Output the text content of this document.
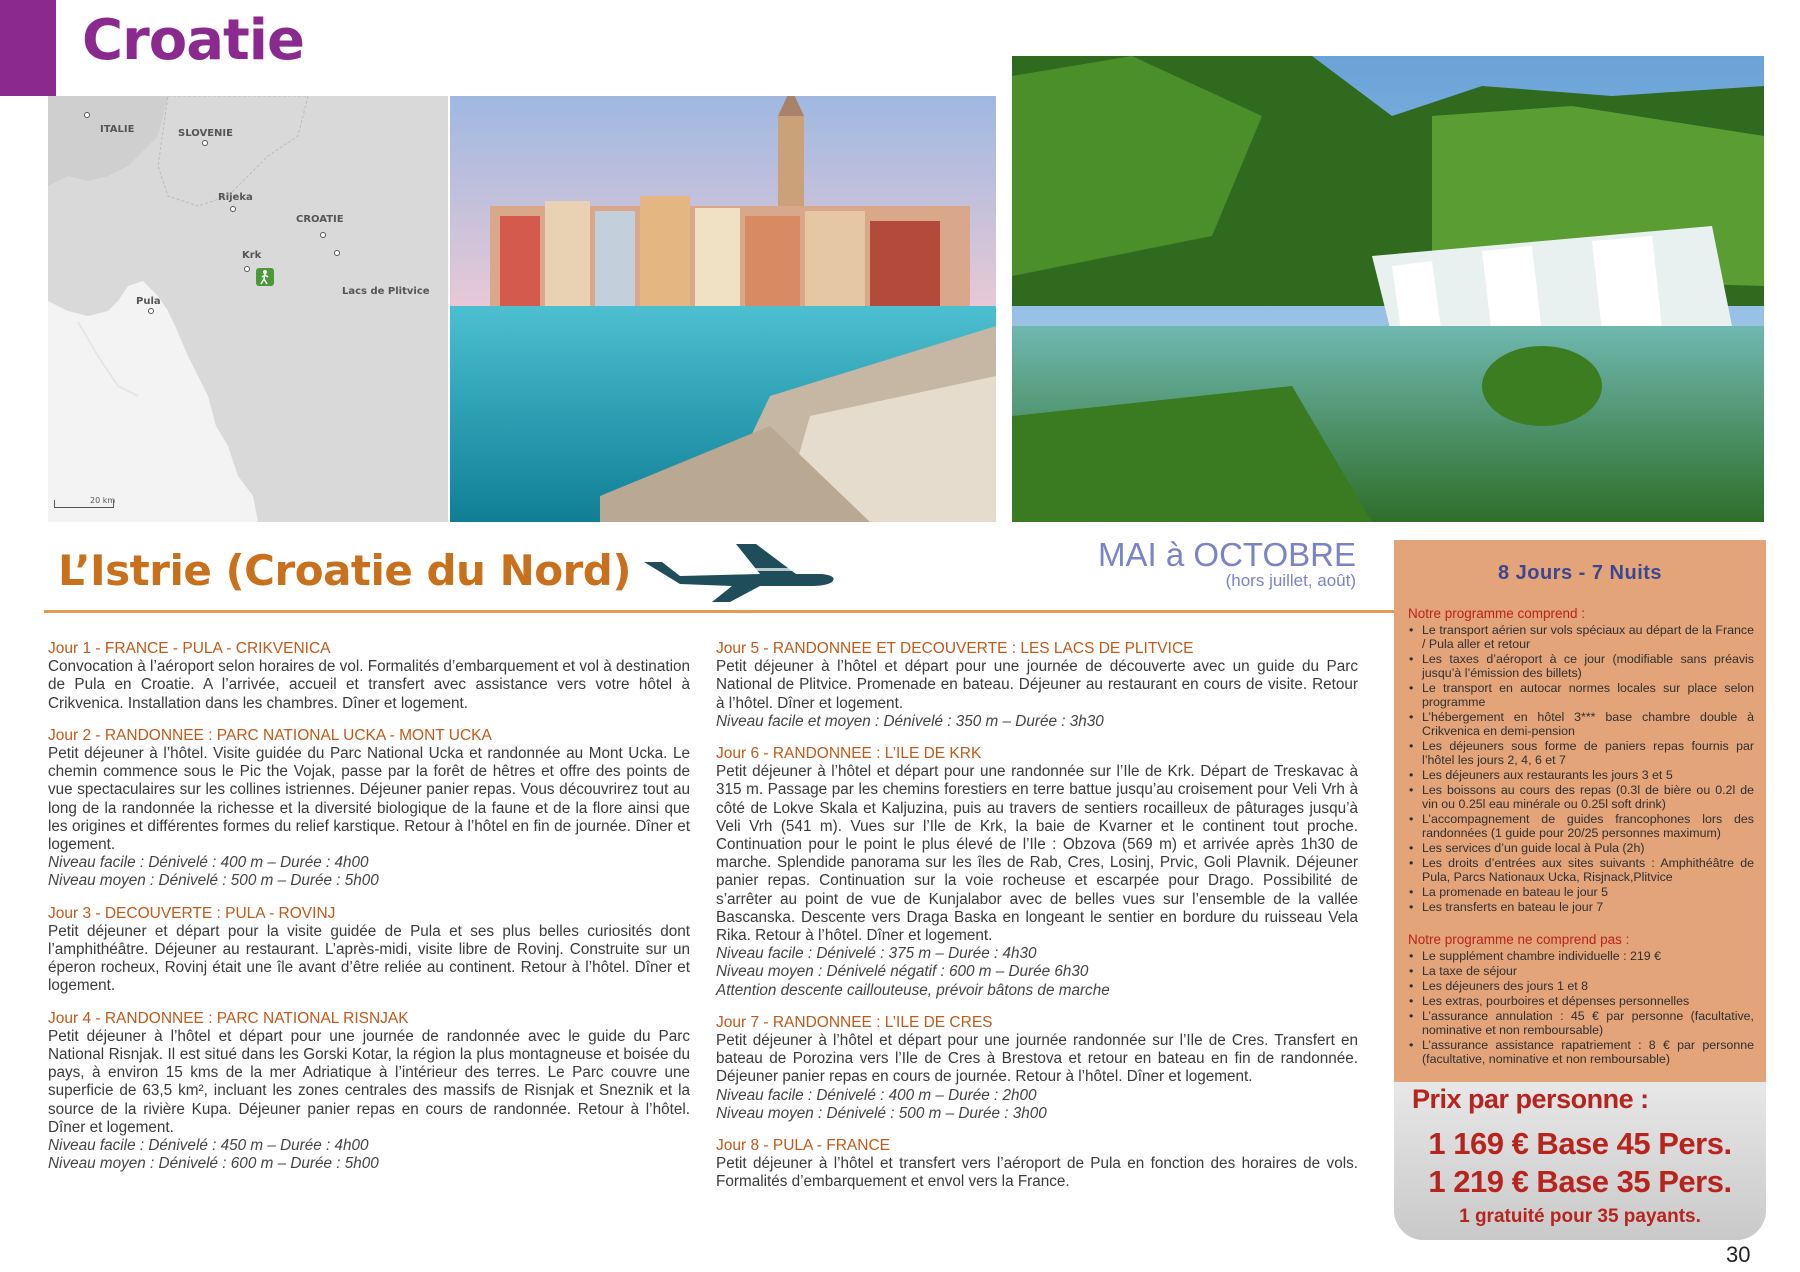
Croatie
ITALIE	SLOVENIE
Rijeka
CROATIE
Krk
Lacs de Plitvice
Pula
20 km
L’Istrie (Croatie du Nord)	MAI à OCTOBRE
(hors juillet, août)
Jour 1 - FRANCE - PULA - CRIKVENICA
Convocation à l’aéroport selon horaires de vol. Formalités d’embarquement et vol à destination de Pula en Croatie. A l’arrivée, accueil et transfert avec assistance vers votre hôtel à Crikvenica. Installation dans les chambres. Dîner et logement.
Jour 2 - RANDONNEE : PARC NATIONAL UCKA - MONT UCKA
Petit déjeuner à l’hôtel. Visite guidée du Parc National Ucka et randonnée au Mont Ucka. Le chemin commence sous le Pic the Vojak, passe par la forêt de hêtres et offre des points de vue spectaculaires sur les collines istriennes. Déjeuner panier repas. Vous découvrirez tout au long de la randonnée la richesse et la diversité biologique de la faune et de la flore ainsi que les origines et différentes formes du relief karstique. Retour à l’hôtel en fin de journée. Dîner et logement.
Niveau facile : Dénivelé : 400 m – Durée : 4h00
Niveau moyen : Dénivelé : 500 m – Durée : 5h00
Jour 3 - DECOUVERTE : PULA - ROVINJ
Petit déjeuner et départ pour la visite guidée de Pula et ses plus belles curiosités dont l’amphithéâtre. Déjeuner au restaurant. L’après-midi, visite libre de Rovinj. Construite sur un éperon rocheux, Rovinj était une île avant d’être reliée au continent. Retour à l’hôtel. Dîner et logement.
Jour 4 - RANDONNEE : PARC NATIONAL RISNJAK
Petit déjeuner à l’hôtel et départ pour une journée de randonnée avec le guide du Parc National Risnjak. Il est situé dans les Gorski Kotar, la région la plus montagneuse et boisée du pays, à environ 15 kms de la mer Adriatique à l’intérieur des terres. Le Parc couvre une superficie de 63,5 km², incluant les zones centrales des massifs de Risnjak et Sneznik et la source de la rivière Kupa. Déjeuner panier repas en cours de randonnée. Retour à l’hôtel. Dîner et logement.
Niveau facile : Dénivelé : 450 m – Durée : 4h00
Niveau moyen : Dénivelé : 600 m – Durée : 5h00
Jour 5 - RANDONNEE ET DECOUVERTE : LES LACS DE PLITVICE
Petit déjeuner à l’hôtel et départ pour une journée de découverte avec un guide du Parc National de Plitvice. Promenade en bateau. Déjeuner au restaurant en cours de visite. Retour à l’hôtel. Dîner et logement.
Niveau facile et moyen : Dénivelé : 350 m – Durée : 3h30
Jour 6 - RANDONNEE : L’ILE DE KRK
Petit déjeuner à l’hôtel et départ pour une randonnée sur l’Ile de Krk. Départ de Treskavac à 315 m. Passage par les chemins forestiers en terre battue jusqu’au croisement pour Veli Vrh à côté de Lokve Skala et Kaljuzina, puis au travers de sentiers rocailleux de pâturages jusqu’à Veli Vrh (541 m). Vues sur l’Ile de Krk, la baie de Kvarner et le continent tout proche. Continuation pour le point le plus élevé de l’Ile : Obzova (569 m) et arrivée après 1h30 de marche. Splendide panorama sur les îles de Rab, Cres, Losinj, Prvic, Goli Plavnik. Déjeuner panier repas. Continuation sur la voie rocheuse et escarpée pour Drago. Possibilité de s’arrêter au point de vue de Kunjalabor avec de belles vues sur l’ensemble de la vallée Bascanska. Descente vers Draga Baska en longeant le sentier en bordure du ruisseau Vela Rika. Retour à l’hôtel. Dîner et logement.
Niveau facile : Dénivelé : 375 m – Durée : 4h30
Niveau moyen : Dénivelé négatif : 600 m – Durée 6h30
Attention descente caillouteuse, prévoir bâtons de marche
Jour 7 - RANDONNEE : L’ILE DE CRES
Petit déjeuner à l’hôtel et départ pour une journée randonnée sur l’Ile de Cres. Transfert en bateau de Porozina vers l’Ile de Cres à Brestova et retour en bateau en fin de randonnée. Déjeuner panier repas en cours de journée. Retour à l’hôtel. Dîner et logement.
Niveau facile : Dénivelé : 400 m – Durée : 2h00
Niveau moyen : Dénivelé : 500 m – Durée : 3h00
Jour 8 - PULA - FRANCE
Petit déjeuner à l’hôtel et transfert vers l’aéroport de Pula en fonction des horaires de vols. Formalités d’embarquement et envol vers la France.
8 Jours - 7 Nuits
Notre programme comprend :
• Le transport aérien sur vols spéciaux au départ de la France / Pula aller et retour
• Les taxes d’aéroport à ce jour (modifiable sans préavis jusqu’à l’émission des billets)
• Le transport en autocar normes locales sur place selon programme
• L’hébergement en hôtel 3*** base chambre double à Crikvenica en demi-pension
• Les déjeuners sous forme de paniers repas fournis par l’hôtel les jours 2, 4, 6 et 7
• Les déjeuners aux restaurants les jours 3 et 5
• Les boissons au cours des repas (0.3l de bière ou 0.2l de vin ou 0.25l eau minérale ou 0.25l soft drink)
• L’accompagnement de guides francophones lors des randonnées (1 guide pour 20/25 personnes maximum)
• Les services d’un guide local à Pula (2h)
• Les droits d’entrées aux sites suivants : Amphithéâtre de Pula, Parcs Nationaux Ucka, Risjnack,Plitvice
• La promenade en bateau le jour 5
• Les transferts en bateau le jour 7
Notre programme ne comprend pas :
• Le supplément chambre individuelle : 219 €
• La taxe de séjour
• Les déjeuners des jours 1 et 8
• Les extras, pourboires et dépenses personnelles
• L’assurance annulation : 45 € par personne (facultative, nominative et non remboursable)
• L’assurance assistance rapatriement : 8 € par personne (facultative, nominative et non remboursable)
Prix par personne :
1 169 € Base 45 Pers.
1 219 € Base 35 Pers.
1 gratuité pour 35 payants.
30
